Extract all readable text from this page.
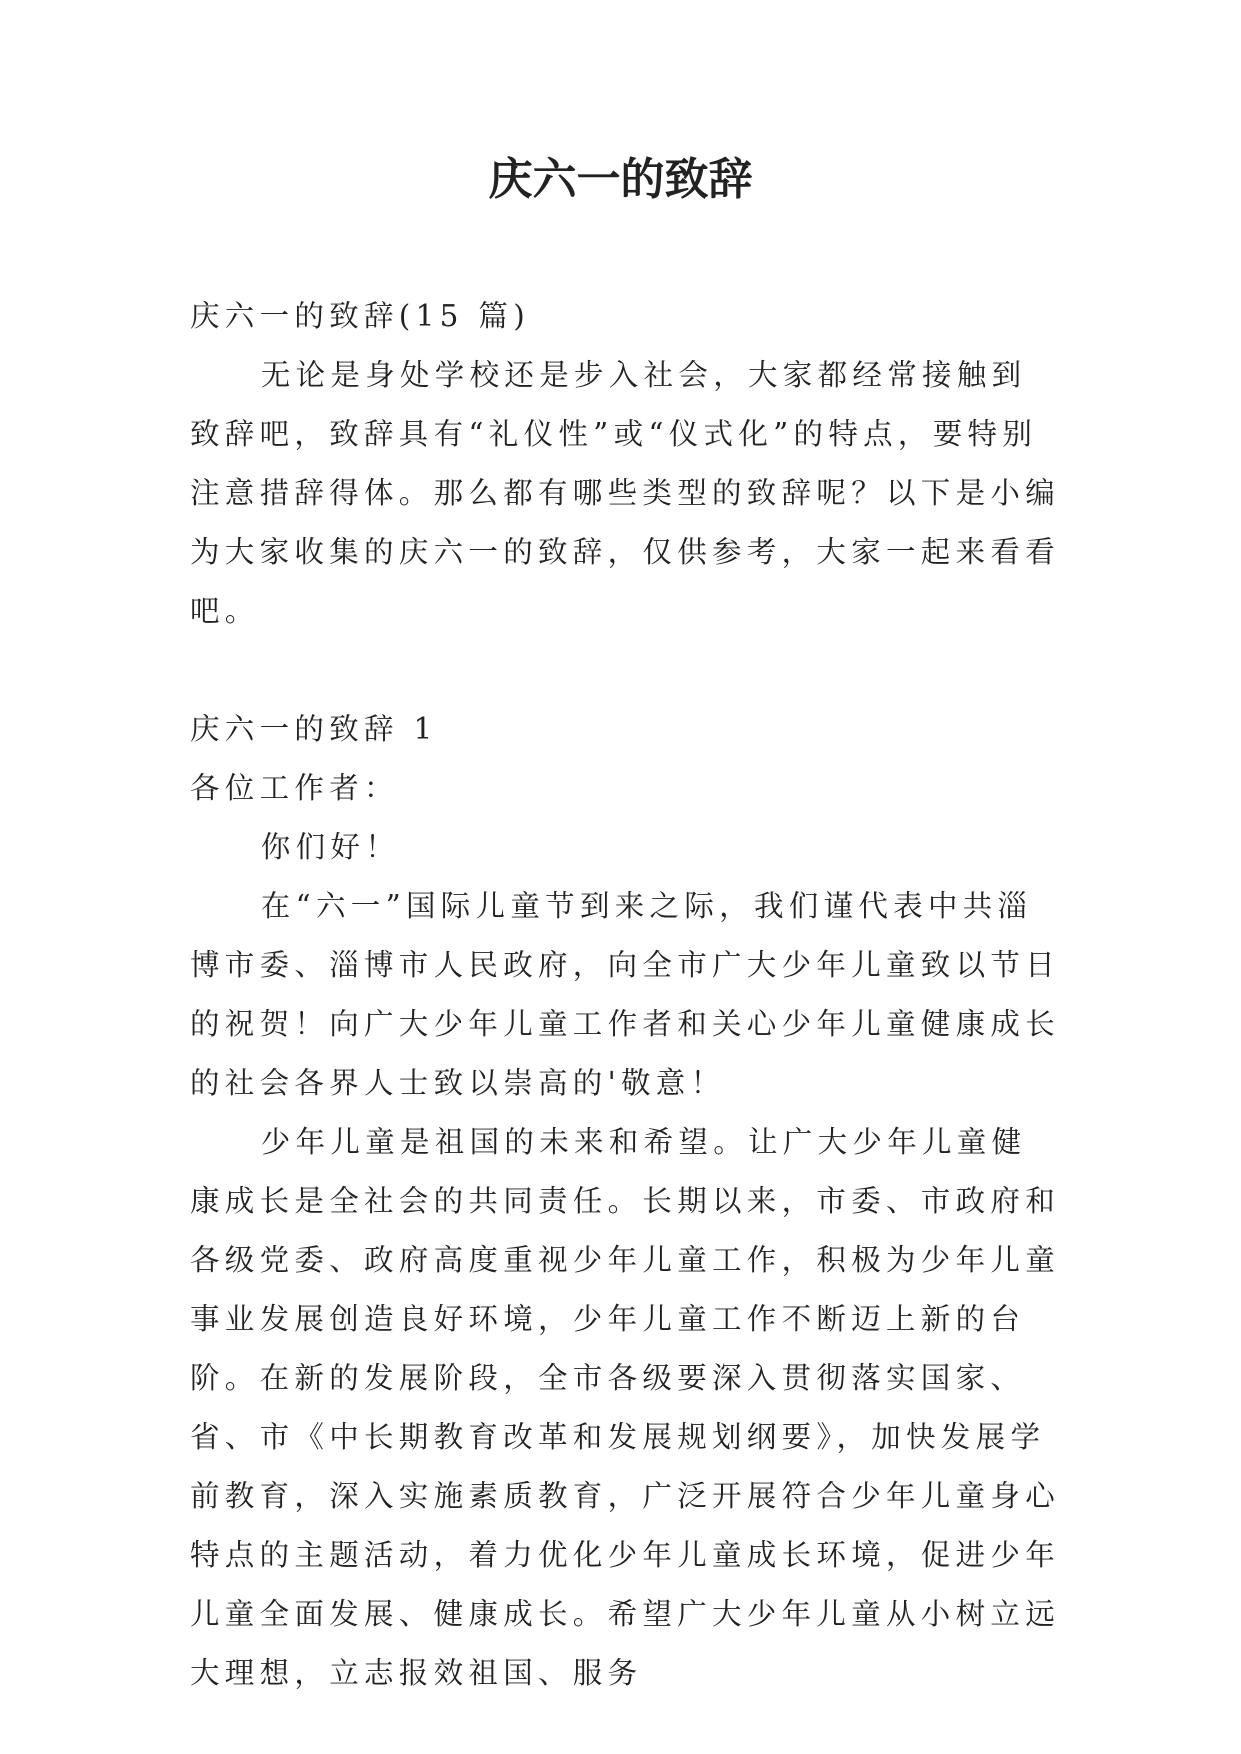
庆六一的致辞

庆六一的致辞(15 篇)

无论是身处学校还是步入社会，大家都经常接触到致辞吧，致辞具有“礼仪性”或“仪式化”的特点，要特别注意措辞得体。那么都有哪些类型的致辞呢？以下是小编为大家收集的庆六一的致辞，仅供参考，大家一起来看看吧。

庆六一的致辞 1

各位工作者：

你们好！

在“六一”国际儿童节到来之际，我们谨代表中共淄博市委、淄博市人民政府，向全市广大少年儿童致以节日的祝贺！向广大少年儿童工作者和关心少年儿童健康成长的社会各界人士致以崇高的'敬意！

少年儿童是祖国的未来和希望。让广大少年儿童健康成长是全社会的共同责任。长期以来，市委、市政府和各级党委、政府高度重视少年儿童工作，积极为少年儿童事业发展创造良好环境，少年儿童工作不断迈上新的台阶。在新的发展阶段，全市各级要深入贯彻落实国家、省、市《中长期教育改革和发展规划纲要》，加快发展学前教育，深入实施素质教育，广泛开展符合少年儿童身心特点的主题活动，着力优化少年儿童成长环境，促进少年儿童全面发展、健康成长。希望广大少年儿童从小树立远大理想，立志报效祖国、服务
